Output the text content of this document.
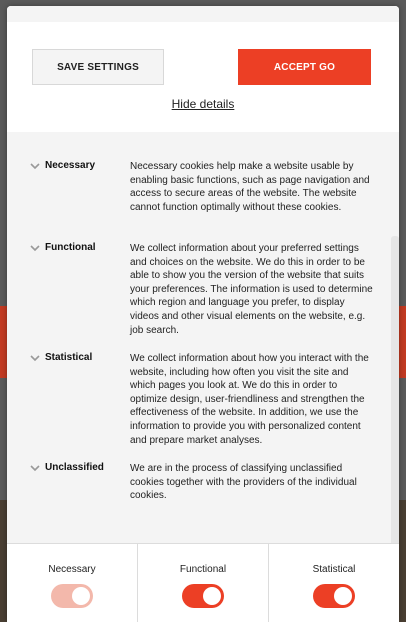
SAVE SETTINGS	ACCEPT GO
Hide details
Necessary	Necessary cookies help make a website usable by enabling basic functions, such as page navigation and access to secure areas of the website. The website cannot function optimally without these cookies.
Functional	We collect information about your preferred settings and choices on the website. We do this in order to be able to show you the version of the website that suits your preferences. The information is used to determine which region and language you prefer, to display videos and other visual elements on the website, e.g. job search.
Statistical	We collect information about how you interact with the website, including how often you visit the site and which pages you look at. We do this in order to optimize design, user-friendliness and strengthen the effectiveness of the website. In addition, we use the information to provide you with personalized content and prepare market analyses.
Unclassified	We are in the process of classifying unclassified cookies together with the providers of the individual cookies.
Necessary	Functional	Statistical
